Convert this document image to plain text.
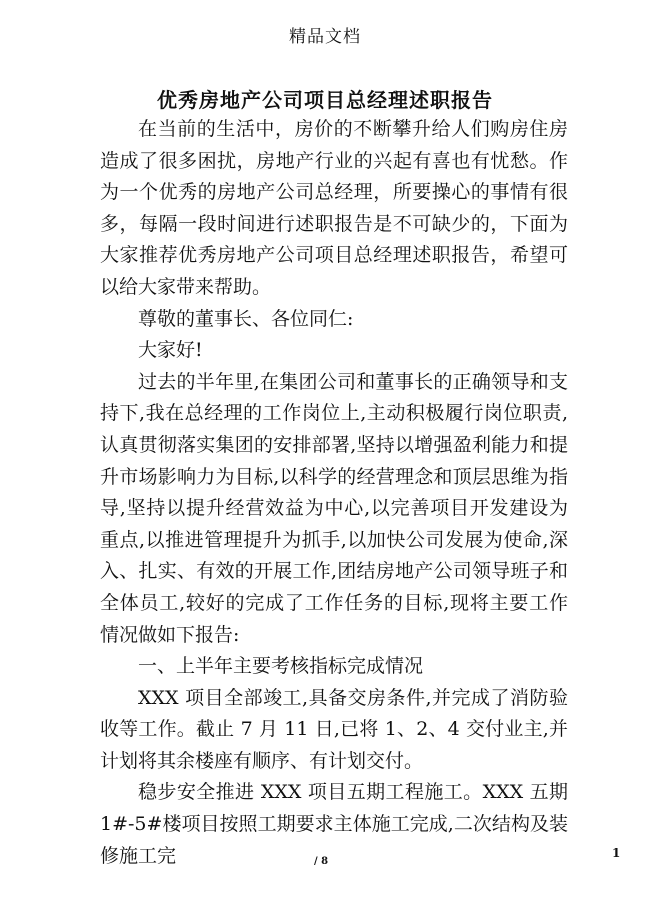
精品文档
优秀房地产公司项目总经理述职报告

在当前的生活中，房价的不断攀升给人们购房住房造成了很多困扰，房地产行业的兴起有喜也有忧愁。作为一个优秀的房地产公司总经理，所要操心的事情有很多，每隔一段时间进行述职报告是不可缺少的，下面为大家推荐优秀房地产公司项目总经理述职报告，希望可以给大家带来帮助。

尊敬的董事长、各位同仁:

大家好!

过去的半年里,在集团公司和董事长的正确领导和支持下,我在总经理的工作岗位上,主动积极履行岗位职责,认真贯彻落实集团的安排部署,坚持以增强盈利能力和提升市场影响力为目标,以科学的经营理念和顶层思维为指导,坚持以提升经营效益为中心,以完善项目开发建设为重点,以推进管理提升为抓手,以加快公司发展为使命,深入、扎实、有效的开展工作,团结房地产公司领导班子和全体员工,较好的完成了工作任务的目标,现将主要工作情况做如下报告:

一、上半年主要考核指标完成情况

XXX 项目全部竣工,具备交房条件,并完成了消防验收等工作。截止 7 月 11 日,已将 1、2、4 交付业主,并计划将其余楼座有顺序、有计划交付。

稳步安全推进 XXX 项目五期工程施工。XXX 五期 1#-5#楼项目按照工期要求主体施工完成,二次结构及装修施工完	1
/ 8
